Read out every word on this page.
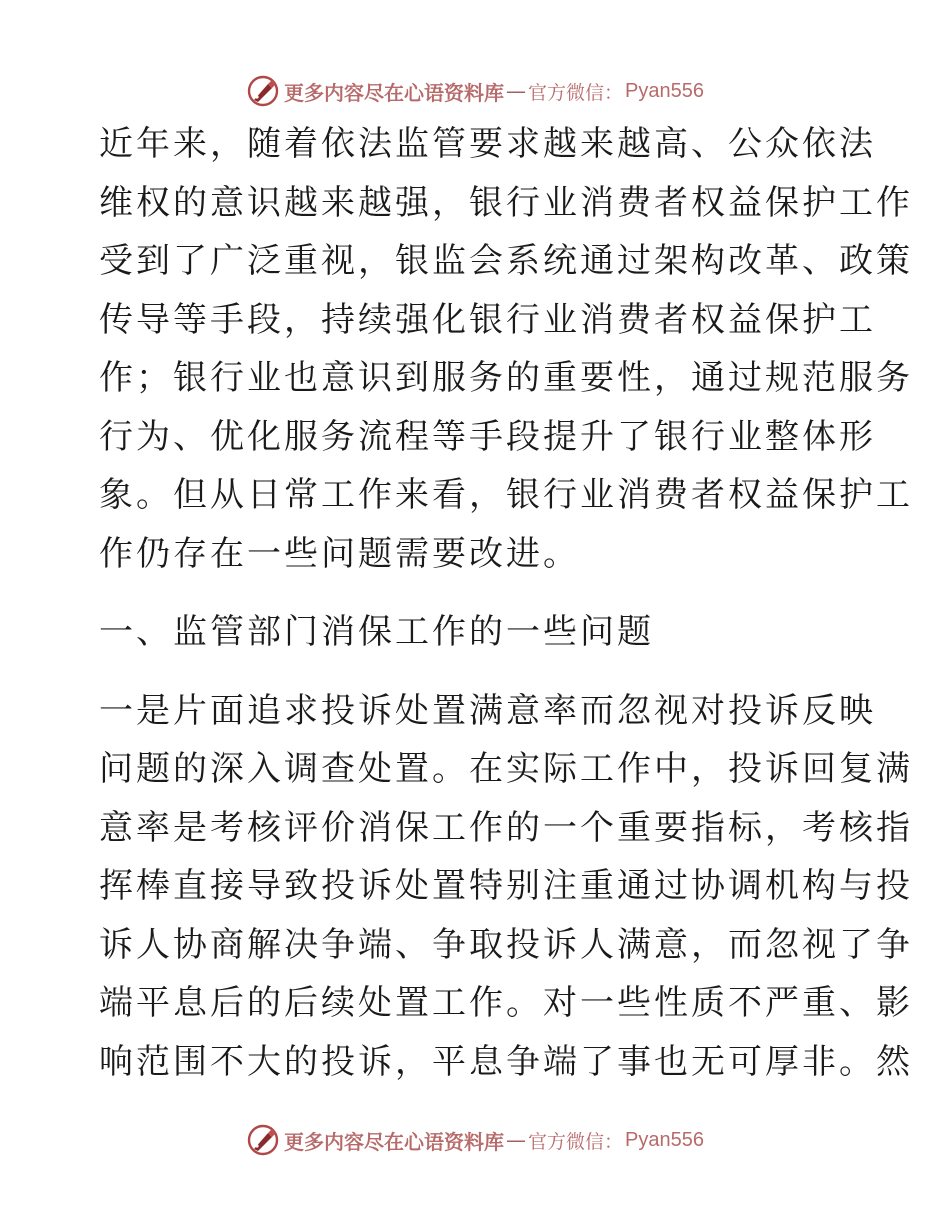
更多内容尽在心语资料库 — 官方微信： Pyan556
近年来，随着依法监管要求越来越高、公众依法
维权的意识越来越强，银行业消费者权益保护工作
受到了广泛重视，银监会系统通过架构改革、政策
传导等手段，持续强化银行业消费者权益保护工
作；银行业也意识到服务的重要性，通过规范服务
行为、优化服务流程等手段提升了银行业整体形
象。但从日常工作来看，银行业消费者权益保护工
作仍存在一些问题需要改进。
一、监管部门消保工作的一些问题
一是片面追求投诉处置满意率而忽视对投诉反映
问题的深入调查处置。在实际工作中，投诉回复满
意率是考核评价消保工作的一个重要指标，考核指
挥棒直接导致投诉处置特别注重通过协调机构与投
诉人协商解决争端、争取投诉人满意，而忽视了争
端平息后的后续处置工作。对一些性质不严重、影
响范围不大的投诉，平息争端了事也无可厚非。然
更多内容尽在心语资料库 — 官方微信： Pyan556
